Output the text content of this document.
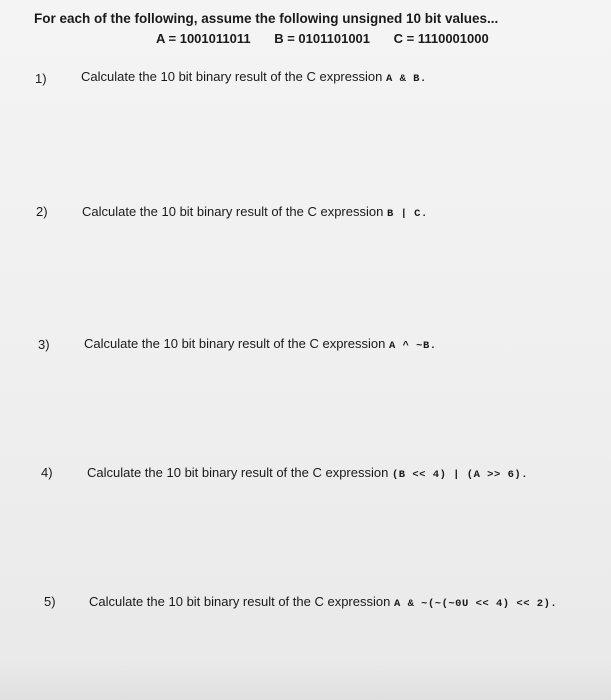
For each of the following, assume the following unsigned 10 bit values...
A = 1001011011 B = 0101101001 C = 1110001000
1)	Calculate the 10 bit binary result of the C expression A & B.
2)	Calculate the 10 bit binary result of the C expression B | C.
3)	Calculate the 10 bit binary result of the C expression A ^ ~B.
4)	Calculate the 10 bit binary result of the C expression (B << 4) | (A >> 6).
5)	Calculate the 10 bit binary result of the C expression A & ~(~(~0U << 4) << 2).
